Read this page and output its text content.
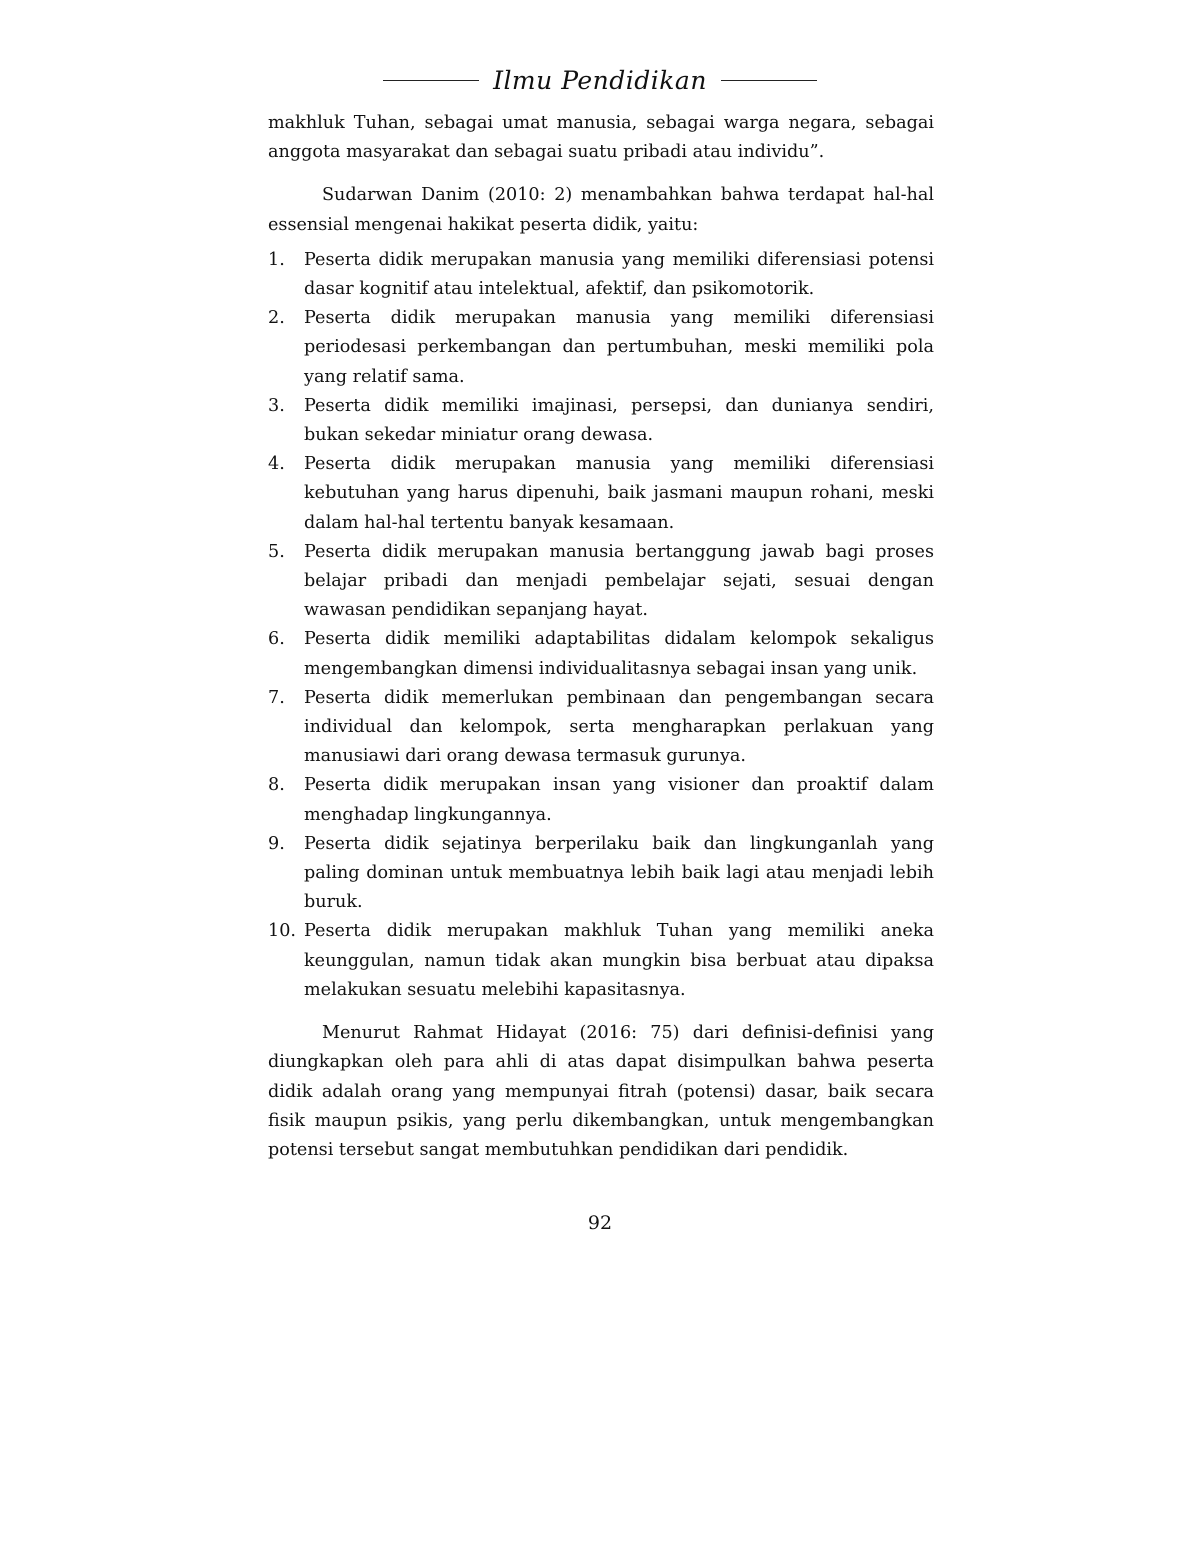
Ilmu Pendidikan

makhluk Tuhan, sebagai umat manusia, sebagai warga negara, sebagai anggota masyarakat dan sebagai suatu pribadi atau individu”.

Sudarwan Danim (2010: 2) menambahkan bahwa terdapat hal-hal essensial mengenai hakikat peserta didik, yaitu:

1.	Peserta didik merupakan manusia yang memiliki diferensiasi potensi dasar kognitif atau intelektual, afektif, dan psikomotorik.
2.	Peserta didik merupakan manusia yang memiliki diferensiasi periodesasi perkembangan dan pertumbuhan, meski memiliki pola yang relatif sama.
3.	Peserta didik memiliki imajinasi, persepsi, dan dunianya sendiri, bukan sekedar miniatur orang dewasa.
4.	Peserta didik merupakan manusia yang memiliki diferensiasi kebutuhan yang harus dipenuhi, baik jasmani maupun rohani, meski dalam hal-hal tertentu banyak kesamaan.
5.	Peserta didik merupakan manusia bertanggung jawab bagi proses belajar pribadi dan menjadi pembelajar sejati, sesuai dengan wawasan pendidikan sepanjang hayat.
6.	Peserta didik memiliki adaptabilitas didalam kelompok sekaligus mengembangkan dimensi individualitasnya sebagai insan yang unik.
7.	Peserta didik memerlukan pembinaan dan pengembangan secara individual dan kelompok, serta mengharapkan perlakuan yang manusiawi dari orang dewasa termasuk gurunya.
8.	Peserta didik merupakan insan yang visioner dan proaktif dalam menghadap lingkungannya.
9.	Peserta didik sejatinya berperilaku baik dan lingkunganlah yang paling dominan untuk membuatnya lebih baik lagi atau menjadi lebih buruk.
10. Peserta didik merupakan makhluk Tuhan yang memiliki aneka keunggulan, namun tidak akan mungkin bisa berbuat atau dipaksa melakukan sesuatu melebihi kapasitasnya.

Menurut Rahmat Hidayat (2016: 75) dari definisi-definisi yang diungkapkan oleh para ahli di atas dapat disimpulkan bahwa peserta didik adalah orang yang mempunyai fitrah (potensi) dasar, baik secara fisik maupun psikis, yang perlu dikembangkan, untuk mengembangkan potensi tersebut sangat membutuhkan pendidikan dari pendidik.

92
